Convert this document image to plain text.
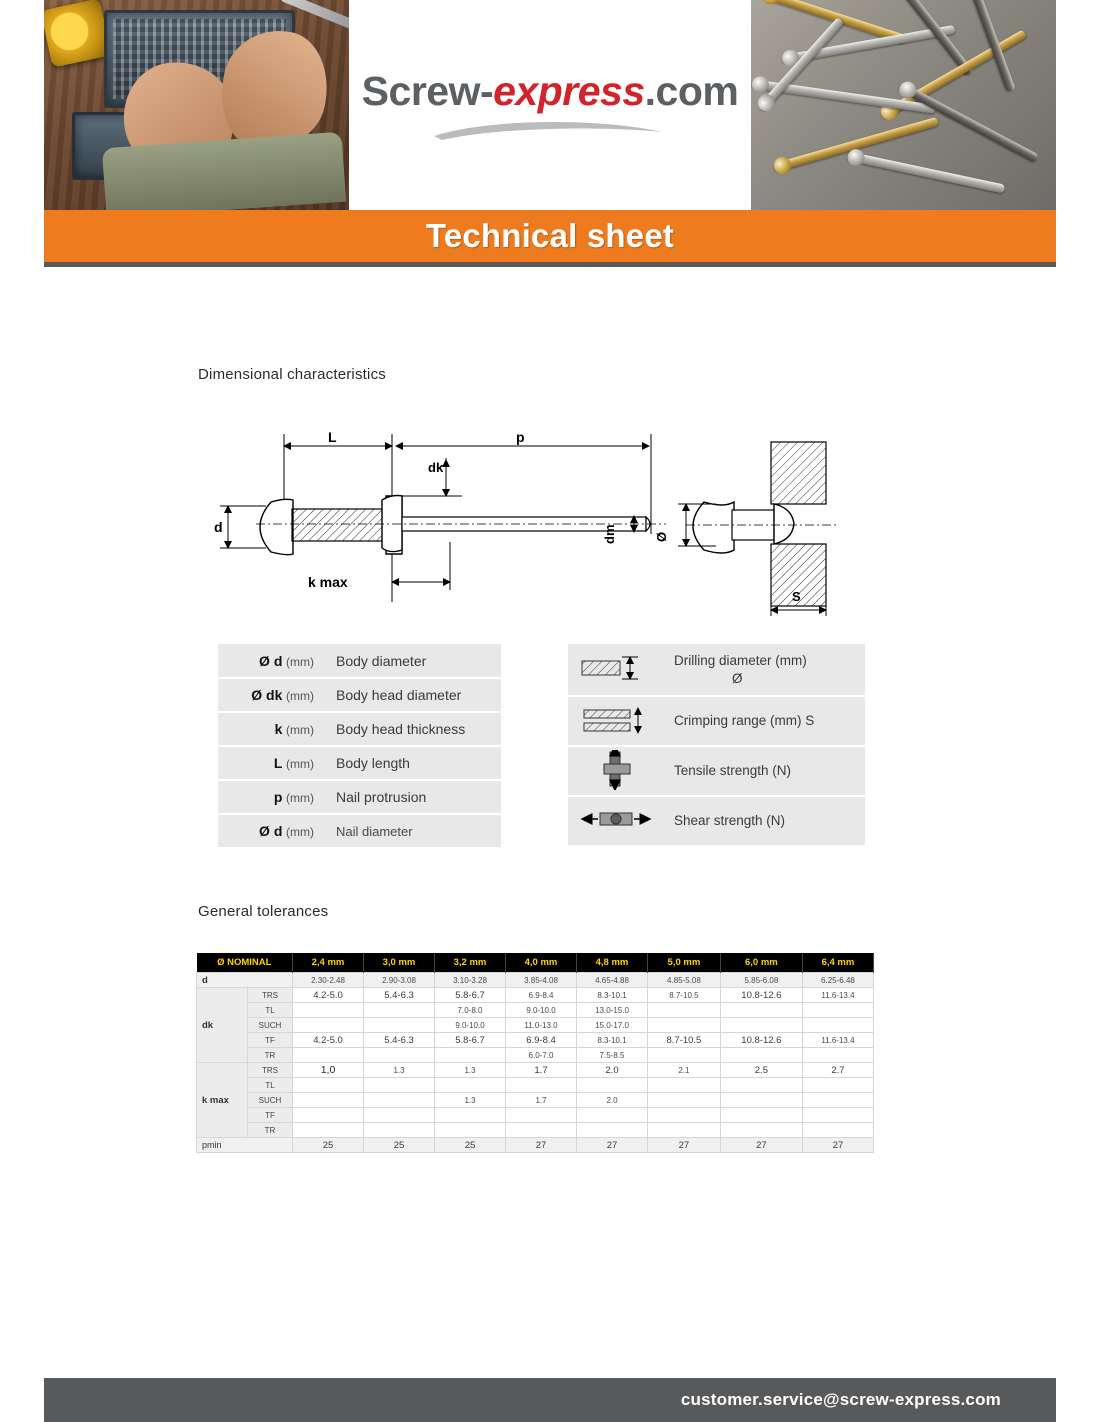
Screw-express.com
Technical sheet
Dimensional characteristics
L	p
dk
d	dm
k max
Ø
S
Ø d (mm)	Body diameter
Ø dk (mm)	Body head diameter
k (mm)	Body head thickness
L (mm)	Body length
p (mm)	Nail protrusion
Ø d (mm)	Nail diameter
	Drilling diameter (mm)
Ø

	Crimping range (mm) S
	Tensile strength (N)
	Shear strength (N)
General tolerances
Ø NOMINAL		2,4 mm	3,0 mm	3,2 mm	4,0 mm	4,8 mm	5,0 mm	6,0 mm	6,4 mm
d		2.30-2.48	2.90-3.08	3.10-3.28	3.85-4.08	4.65-4.88	4.85-5.08	5.85-6.08	6.25-6.48
dk	TRS	4.2-5.0	5.4-6.3	5.8-6.7	6.9-8.4	8.3-10.1	8.7-10.5	10.8-12.6	11.6-13.4
	TL			7.0-8.0	9.0-10.0	13.0-15.0			
	SUCH			9.0-10.0	11.0-13.0	15.0-17.0			
	TF	4.2-5.0	5.4-6.3	5.8-6.7	6.9-8.4	8.3-10.1	8.7-10.5	10.8-12.6	11.6-13.4
	TR				6.0-7.0	7.5-8.5			
k max	TRS	1,0	1.3	1.3	1.7	2.0	2.1	2.5	2.7
	TL								
	SUCH			1.3	1.7	2.0			
	TF								
	TR								
pmin		25	25	25	27	27	27	27	27
customer.service@screw-express.com
